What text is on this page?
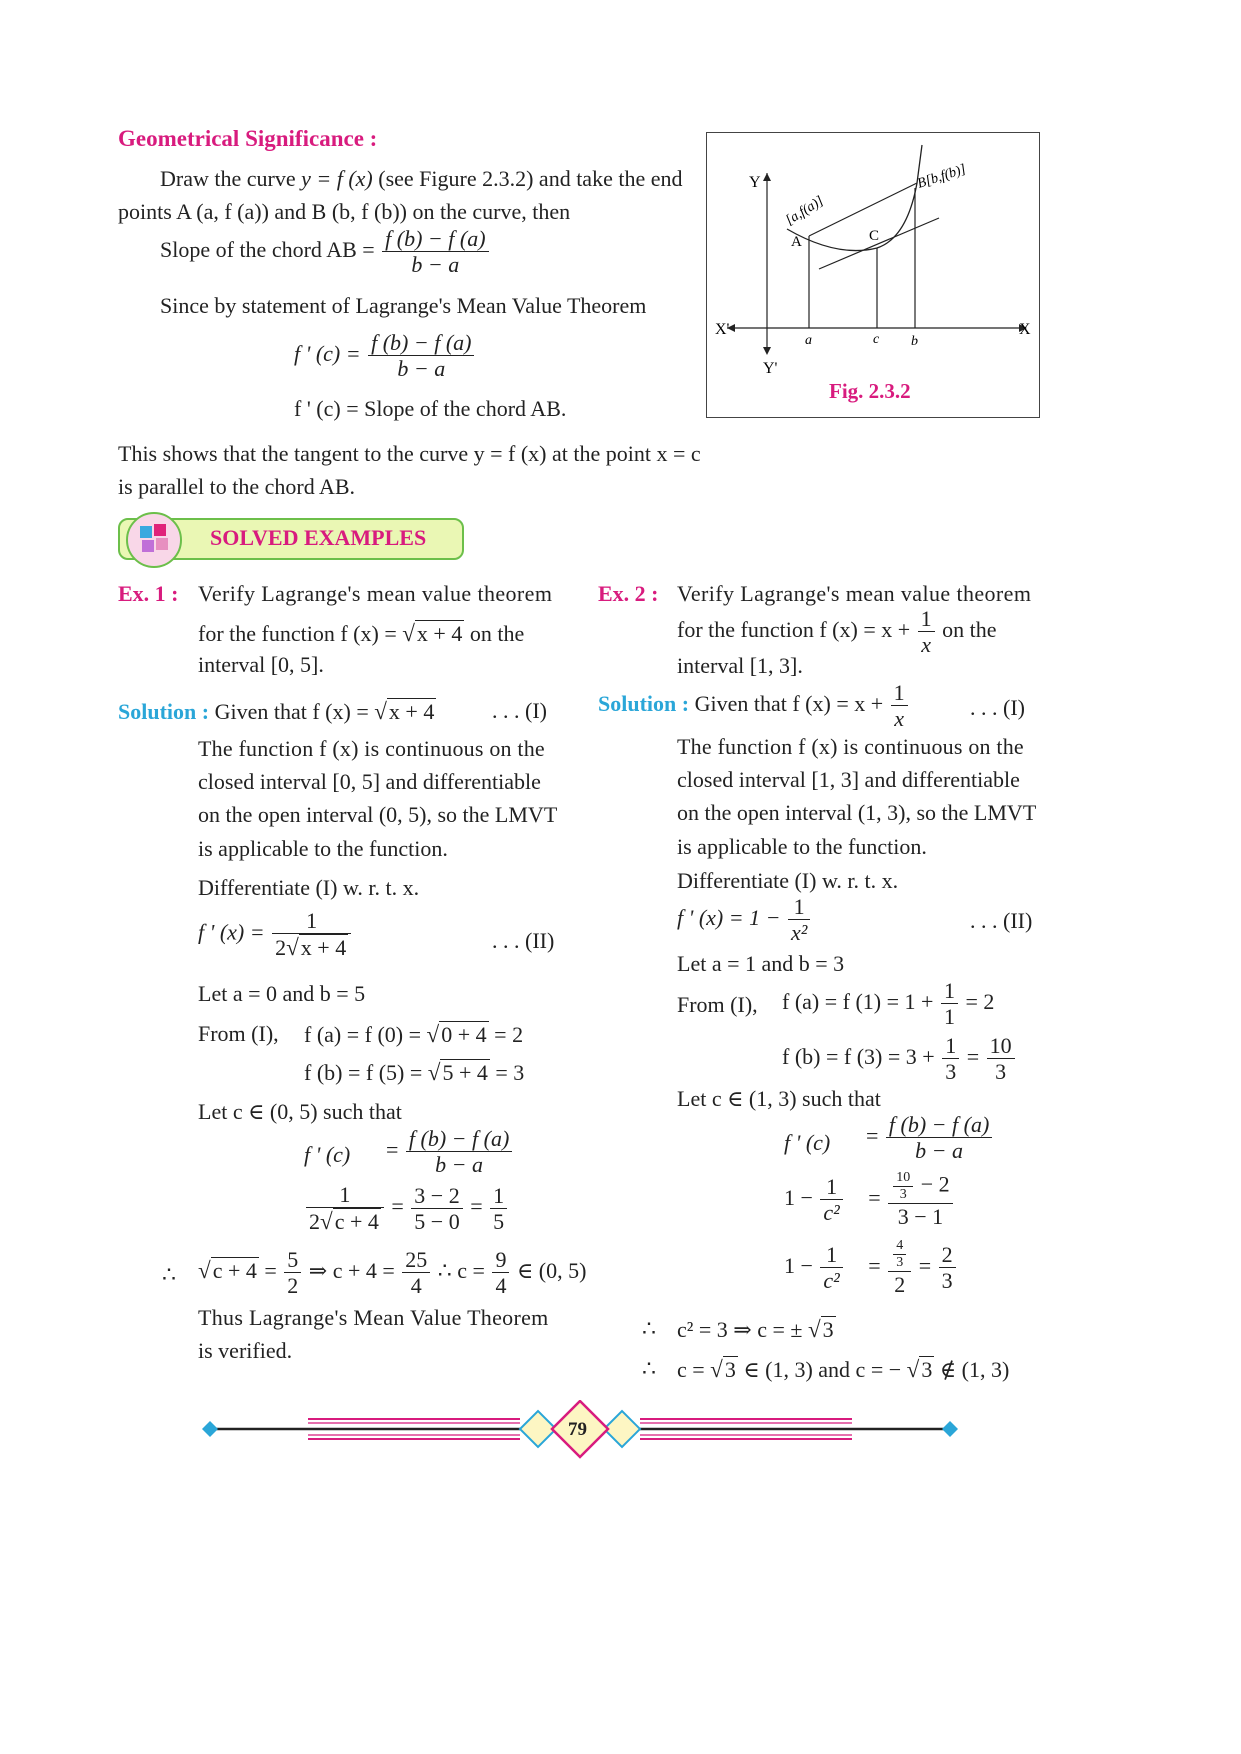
Geometrical Significance :
Draw the curve y = f (x) (see Figure 2.3.2) and take the end
points A (a, f (a)) and B (b, f (b)) on the curve, then
Slope of the chord AB = $\frac{f (b) - f (a)}{b - a}$
Since by statement of Lagrange's Mean Value Theorem
f ' $(c) = \frac{f (b) - f (a)}{b - a}$
f ' (c) = Slope of the chord AB.
This shows that the tangent to the curve y = f (x) at the point x = c
is parallel to the chord AB.
Y
Y'
X
X'
A	C
a	c b
[a,f(a)]
B[b,f(b)]
Fig. 2.3.2
SOLVED EXAMPLES
Ex. 1 : Verify Lagrange's mean value theorem
for the function f (x) = √x + 4 on the
interval [0, 5].
Solution : Given that f (x) = √x + 4	. . . (I)
The function f (x) is continuous on the
closed interval [0, 5] and differentiable
on the open interval (0, 5), so the LMVT
is applicable to the function.
Differentiate (I) w. r. t. x.
f ' $(x) = \frac{1}{2√x + 4}$	. . . (II)
Let a = 0 and b = 5
From (I), f (a) = f (0) = √0 + 4 = 2
f (b) = f (5) = √5 + 4 = 3
Let c ∈ (0, 5) such that
f ' $(c) = \frac{f (b) - f (a)}{b - a}$
$\frac{1}{2√c + 4} = \frac{3 - 2}{5 - 0} = \frac{1}{5}$
∴ $√c + 4 = \frac{5}{2}$ ⇒ $c + 4 = \frac{25}{4}$ ∴ $c = \frac{9}{4}$ ∈ (0, 5)
Thus Lagrange's Mean Value Theorem
is verified.
Ex. 2 : Verify Lagrange's mean value theorem
for the function f $(x) = x + \frac{1}{x}$ on the
interval [1, 3].
Solution : Given that f $(x) = x + \frac{1}{x}$	. . . (I)
The function f (x) is continuous on the
closed interval [1, 3] and differentiable
on the open interval (1, 3), so the LMVT
is applicable to the function.
Differentiate (I) w. r. t. x.
f ' $(x) = 1 - \frac{1}{\text{x²}}$	. . . (II)
Let a = 1 and b = 3
From (I), f (a) = f $(1) = 1 + \frac{1}{1} = 2$
f (b) = f $(3) = 3 + \frac{1}{3} = \frac{10}{3}$
Let c ∈ (1, 3) such that
f ' $(c) = \frac{f (b) - f (a)}{b - a}$
$1 - \frac{1}{\text{c²}} = \frac{\frac{10}{3} - 2}{3 - 1}$
$1 - \frac{1}{\text{c²}} = \frac{\frac{4}{3}}{2} = \frac{2}{3}$
∴ c² = 3 ⇒ c = ± √3
∴ c = √3 ∈ (1, 3) and c = − √3 ∉ (1, 3)
79
